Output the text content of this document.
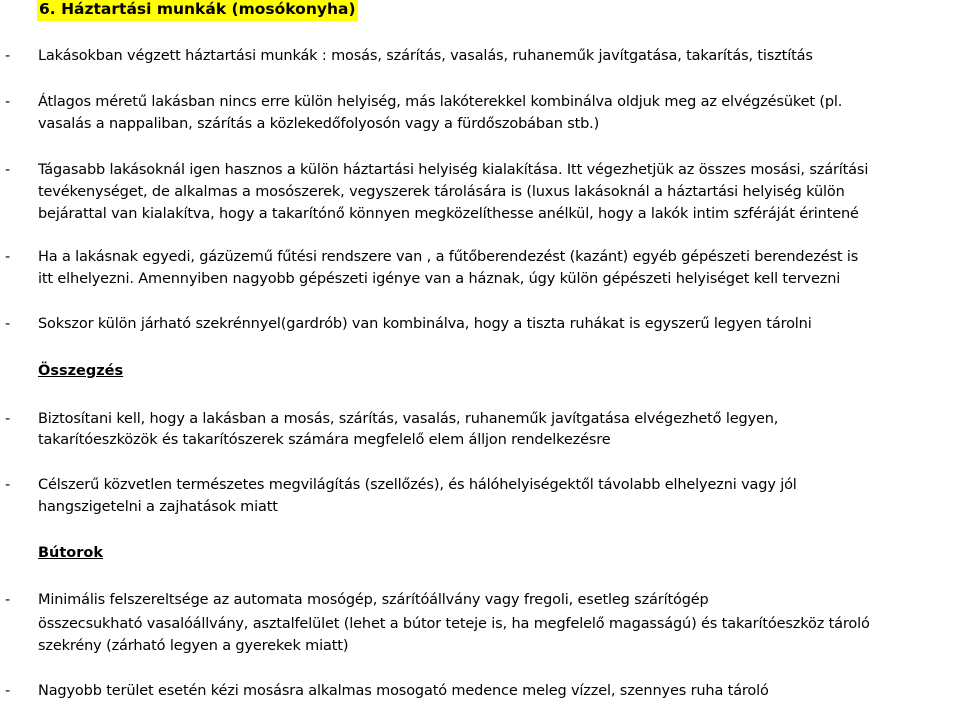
6. Háztartási munkák (mosókonyha)
- Lakásokban végzett háztartási munkák : mosás, szárítás, vasalás, ruhaneműk javítgatása, takarítás, tisztítás
- Átlagos méretű lakásban nincs erre külön helyiség, más lakóterekkel kombinálva oldjuk meg az elvégzésüket (pl.
vasalás a nappaliban, szárítás a közlekedőfolyosón vagy a fürdőszobában stb.)
- Tágasabb lakásoknál igen hasznos a külön háztartási helyiség kialakítása. Itt végezhetjük az összes mosási, szárítási
tevékenységet, de alkalmas a mosószerek, vegyszerek tárolására is (luxus lakásoknál a háztartási helyiség külön
bejárattal van kialakítva, hogy a takarítónő könnyen megközelíthesse anélkül, hogy a lakók intim szféráját érintené
- Ha a lakásnak egyedi, gázüzemű fűtési rendszere van , a fűtőberendezést (kazánt) egyéb gépészeti berendezést is
itt elhelyezni. Amennyiben nagyobb gépészeti igénye van a háznak, úgy külön gépészeti helyiséget kell tervezni
- Sokszor külön járható szekrénnyel(gardrób) van kombinálva, hogy a tiszta ruhákat is egyszerű legyen tárolni
Összegzés
- Biztosítani kell, hogy a lakásban a mosás, szárítás, vasalás, ruhaneműk javítgatása elvégezhető legyen,
takarítóeszközök és takarítószerek számára megfelelő elem álljon rendelkezésre
- Célszerű közvetlen természetes megvilágítás (szellőzés), és hálóhelyiségektől távolabb elhelyezni vagy jól
hangszigetelni a zajhatások miatt
Bútorok
- Minimális felszereltsége az automata mosógép, szárítóállvány vagy fregoli, esetleg szárítógép
összecsukható vasalóállvány, asztalfelület (lehet a bútor teteje is, ha megfelelő magasságú) és takarítóeszköz tároló
szekrény (zárható legyen a gyerekek miatt)
- Nagyobb terület esetén kézi mosásra alkalmas mosogató medence meleg vízzel, szennyes ruha tároló
